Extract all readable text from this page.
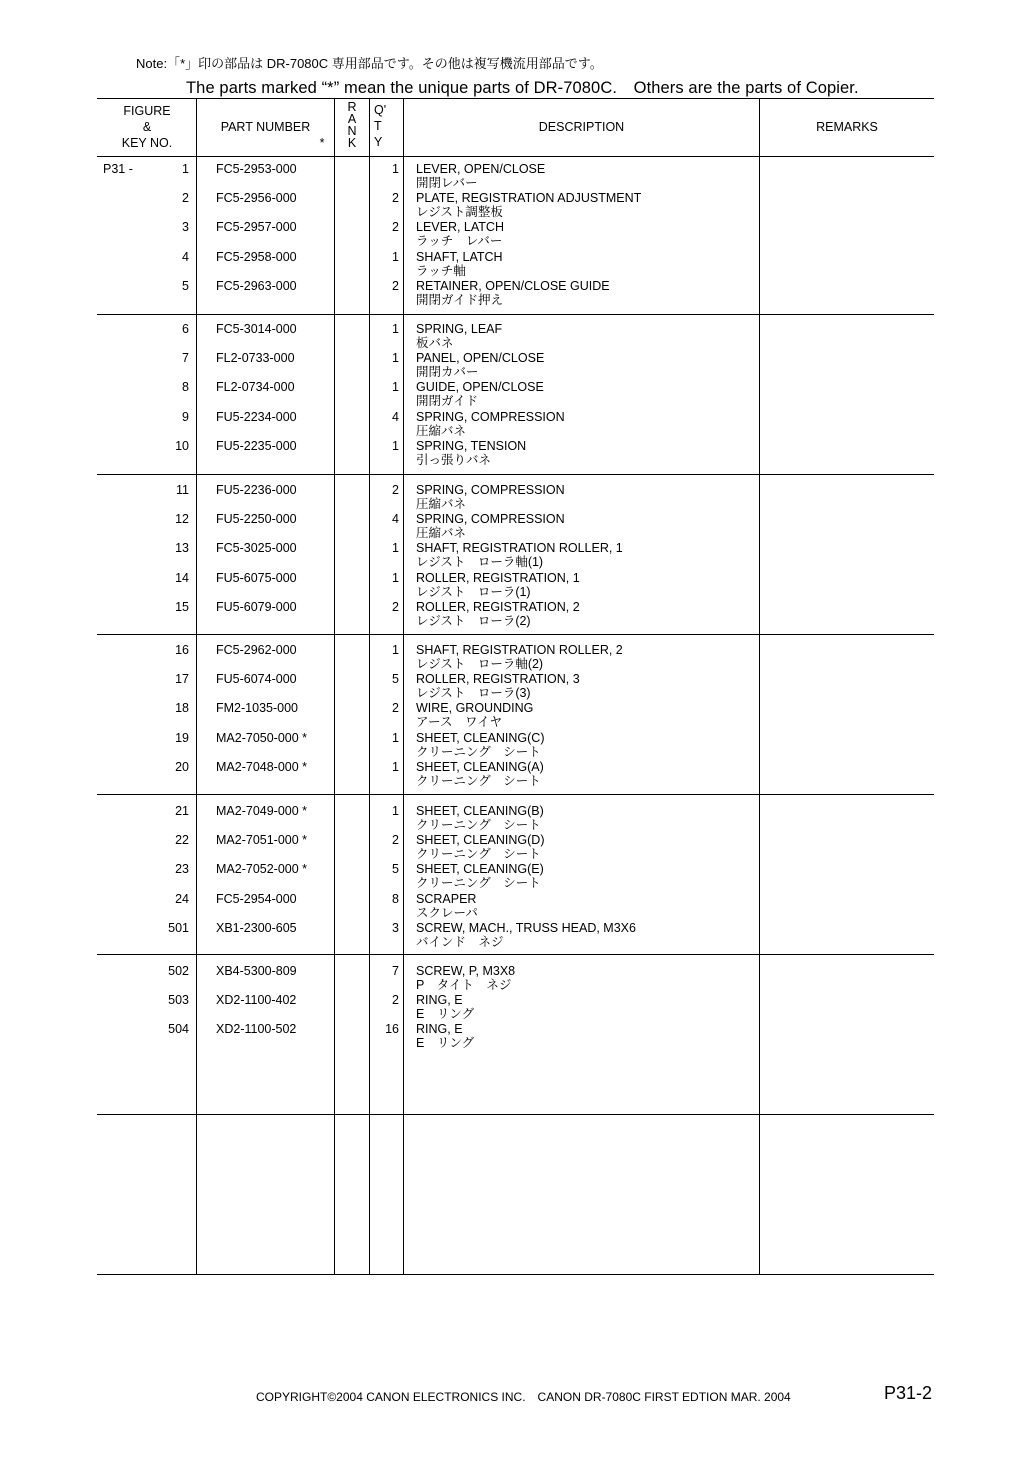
Note:「*」印の部品は DR-7080C 専用部品です。その他は複写機流用部品です。
The parts marked “*” mean the unique parts of DR-7080C.　Others are the parts of Copier.
FIGURE
&
KEY NO.
PART NUMBER
*
R
A
N
K
Q'
T
Y
DESCRIPTION	REMARKS
P31 -	1 FC5-2953-000	1 LEVER, OPEN/CLOSE
開閉レバー
2 FC5-2956-000	2 PLATE, REGISTRATION ADJUSTMENT
レジスト調整板
3 FC5-2957-000	2 LEVER, LATCH
ラッチ　レバー
4 FC5-2958-000	1 SHAFT, LATCH
ラッチ軸
5 FC5-2963-000	2 RETAINER, OPEN/CLOSE GUIDE
開閉ガイド押え
6 FC5-3014-000	1 SPRING, LEAF
板バネ
7 FL2-0733-000	1 PANEL, OPEN/CLOSE
開閉カバー
8 FL2-0734-000	1 GUIDE, OPEN/CLOSE
開閉ガイド
9 FU5-2234-000	4 SPRING, COMPRESSION
圧縮バネ
10 FU5-2235-000	1 SPRING, TENSION
引っ張りバネ
11 FU5-2236-000	2 SPRING, COMPRESSION
圧縮バネ
12 FU5-2250-000	4 SPRING, COMPRESSION
圧縮バネ
13 FC5-3025-000	1 SHAFT, REGISTRATION ROLLER, 1
レジスト　ローラ軸(1)
14 FU5-6075-000	1 ROLLER, REGISTRATION, 1
レジスト　ローラ(1)
15 FU5-6079-000	2 ROLLER, REGISTRATION, 2
レジスト　ローラ(2)
16 FC5-2962-000	1 SHAFT, REGISTRATION ROLLER, 2
レジスト　ローラ軸(2)
17 FU5-6074-000	5 ROLLER, REGISTRATION, 3
レジスト　ローラ(3)
18 FM2-1035-000	2 WIRE, GROUNDING
アース　ワイヤ
19 MA2-7050-000 *	1 SHEET, CLEANING(C)
クリーニング　シート
20 MA2-7048-000 *	1 SHEET, CLEANING(A)
クリーニング　シート
21 MA2-7049-000 *	1 SHEET, CLEANING(B)
クリーニング　シート
22 MA2-7051-000 *	2 SHEET, CLEANING(D)
クリーニング　シート
23 MA2-7052-000 *	5 SHEET, CLEANING(E)
クリーニング　シート
24 FC5-2954-000	8 SCRAPER
スクレーパ
501 XB1-2300-605	3 SCREW, MACH., TRUSS HEAD, M3X6
バインド　ネジ
502 XB4-5300-809	7 SCREW, P, M3X8
P　タイト　ネジ
503 XD2-1100-402	2 RING, E
E　リング
504 XD2-1100-502	16 RING, E
E　リング
COPYRIGHT©2004 CANON ELECTRONICS INC.　CANON DR-7080C FIRST EDTION MAR. 2004	P31-2
